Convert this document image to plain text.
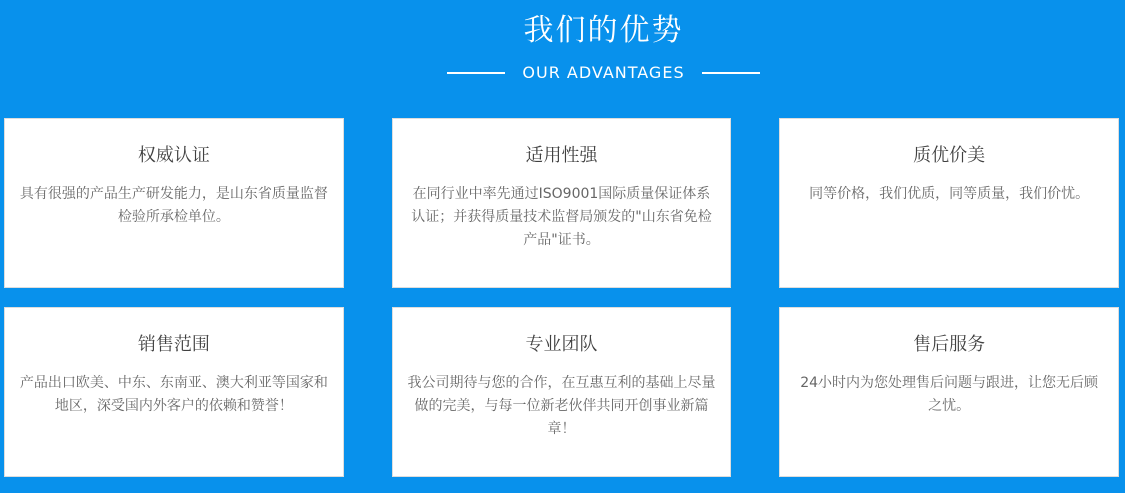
我们的优势
OUR ADVANTAGES
权威认证
具有很强的产品生产研发能力，是山东省质量监督检验所承检单位。
适用性强
在同行业中率先通过ISO9001国际质量保证体系认证；并获得质量技术监督局颁发的"山东省免检产品"证书。
质优价美
同等价格，我们优质，同等质量，我们价忧。
销售范围
产品出口欧美、中东、东南亚、澳大利亚等国家和地区，深受国内外客户的依赖和赞誉！
专业团队
我公司期待与您的合作，在互惠互利的基础上尽量做的完美，与每一位新老伙伴共同开创事业新篇章！
售后服务
24小时内为您处理售后问题与跟进，让您无后顾之忧。
